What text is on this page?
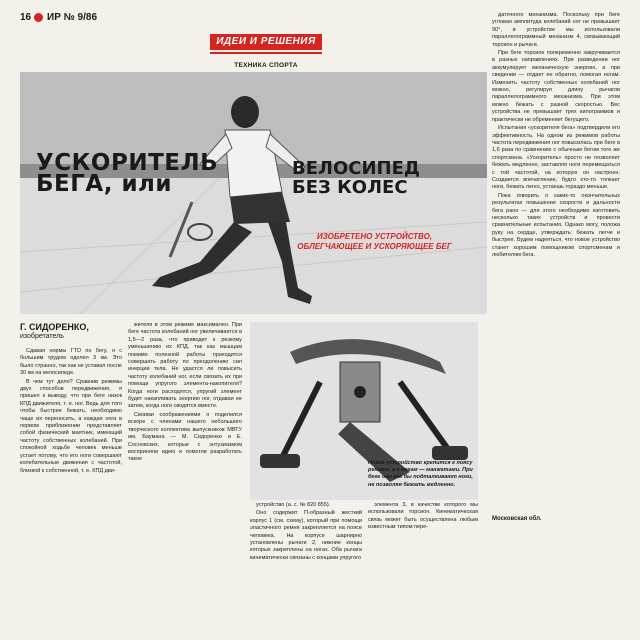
16 ИР № 9/86
ИДЕИ И РЕШЕНИЯ
ТЕХНИКА СПОРТА
УСКОРИТЕЛЬ
БЕГА, или
ВЕЛОСИПЕД
БЕЗ КОЛЕС
ИЗОБРЕТЕНО УСТРОЙСТВО,
ОБЛЕГЧАЮЩЕЕ И УСКОРЯЮЩЕЕ БЕГ
Г. СИДОРЕНКО,
изобретатель

Сдавая нормы ГТО по бегу, я с большим трудом одолел 3 км. Это было странно, так как не уставал после 30 км на велосипеде.

В чем тут дело? Сравнив режимы двух способов передвижения, я пришел к выводу, что при беге низок КПД движителя, т. е. ног. Ведь для того чтобы быстрее бежать, необходимо чаще их переносить, а каждая нога в первом приближении представляет собой физический маятник, имеющий частоту собственных колебаний. При спокойной ходьбе человек меньше устает потому, что его ноги совершают колебательные движения с частотой, близкой к собственной, т. е. КПД дви-

жителя в этом режиме максимален. При беге частота колебаний ног увеличивается в 1,5—2 раза, что приводит к резкому уменьшению их КПД, так как мышцам помимо полезной работы приходится совершать работу по преодолению сил инерции тела. Не удастся ли повысить частоту колебаний ног, если связать их при помощи упругого элемента-накопителя? Когда ноги расходятся, упругий элемент будет накапливать энергию ног, отдавая ее затем, когда ноги сводятся вместе.

Своими соображениями я поделился вскоре с членами нашего небольшого творческого коллектива выпускников МВТУ им. Баумана — М. Сидоренко и Е. Сосновских, которые с энтузиазмом восприняли идею и помогли разработать такое

устройство (а. с. № 820 855).

Оно содержит П-образный жесткий корпус 1 (см. схему), который при помощи эластичного ремня закрепляется на поясе человека. На корпусе шарнирно установлены рычаги 2, нижние концы которых закреплены на ногах. Оба рычага кинематически связаны с концами упругого

Новое устройство крепится к поясу ремнем, а к ногам — манжетами. При беге они как бы подталкивают ноги, не позволяя бежать медленно.

элемента 3, в качестве которого мы использовали торсион. Кинематическая связь может быть осуществлена любым известным типом пере-

даточного механизма. Поскольку при беге угловая амплитуда колебаний ног не превышает 90°, в устройстве мы использовали параллелограммный механизм 4, связывающий торсион и рычаги.

При беге торсион попеременно закручивается в разных направлениях. При разведении ног аккумулирует механическую энергию, а при сведении — отдает ее обратно, помогая ногам. Изменить частоту собственных колебаний ног можно, регулируя длину рычагов параллелограммного механизма. При этом можно бежать с разной скоростью. Вес устройства не превышает трех килограммов и практически не обременяет бегущего.

Испытания «ускорителя бега» подтвердили его эффективность. На одном из режимов работы частота передвижения ног повысилась при беге в 1,6 раза по сравнению с обычным бегом того же спортсмена. «Ускоритель» просто не позволяет бежать медленно, заставляя ноги перемещаться с той частотой, на которую он настроен. Создается впечатление, будто кто-то толкает ноги, бежать легко, устаешь гораздо меньше.

Пока говорить о каких-то окончательных результатах повышения скорости и дальности бега рано — для этого необходимо изготовить несколько таких устройств и провести сравнительные испытания. Однако могу, положа руку на сердце, утверждать: бежать легче и быстрее. Будем надеяться, что новое устройство станет хорошим помощником спортсменам и любителям бега.

Московская обл.
